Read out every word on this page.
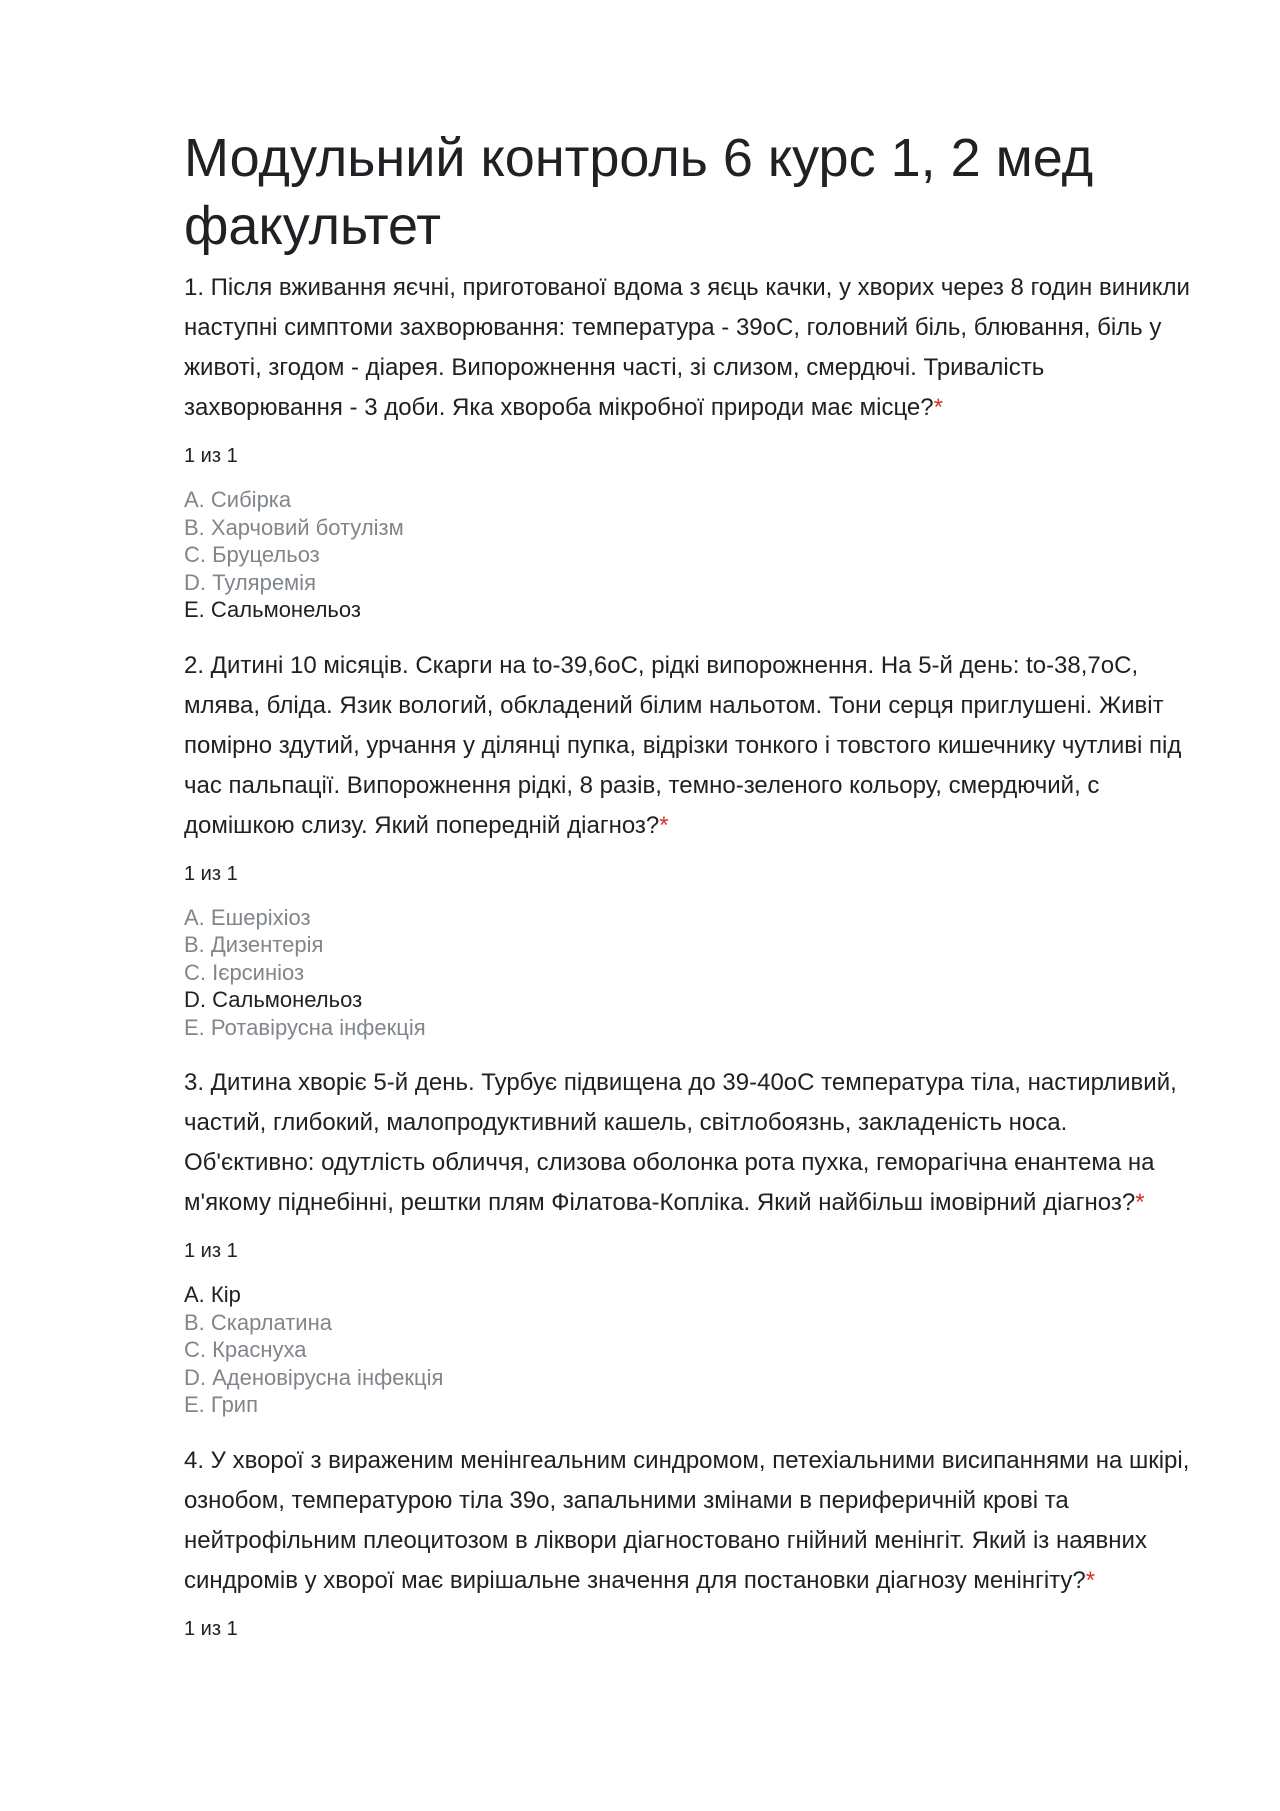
Модульний контроль 6 курс 1, 2 мед факультет

1. Після вживання яєчні, приготованої вдома з яєць качки, у хворих через 8 годин виникли наступні симптоми захворювання: температура - 39оС, головний біль, блювання, біль у животі, згодом - діарея. Випорожнення часті, зі слизом, смердючі. Тривалість захворювання - 3 доби. Яка хвороба мікробної природи має місце?*

1 из 1
A. Сибірка
B. Харчовий ботулізм
C. Бруцельоз
D. Туляремія
E. Сальмонельоз

2. Дитині 10 місяців. Скарги на to-39,6оС, рідкі випорожнення. На 5-й день: to-38,7оС, млява, бліда. Язик вологий, обкладений білим нальотом. Тони серця приглушені. Живіт помірно здутий, урчання у ділянці пупка, відрізки тонкого і товстого кишечнику чутливі під час пальпації. Випорожнення рідкі, 8 разів, темно-зеленого кольору, смердючий, с домішкою слизу. Який попередній діагноз?*

1 из 1
A. Ешеріхіоз
B. Дизентерія
C. Ієрсиніоз
D. Сальмонельоз
E. Ротавірусна інфекція

3. Дитина хворіє 5-й день. Турбує підвищена до 39-40оС температура тіла, настирливий, частий, глибокий, малопродуктивний кашель, світлобоязнь, закладеність носа. Об'єктивно: одутлість обличчя, слизова оболонка рота пухка, геморагічна енантема на м'якому піднебінні, рештки плям Філатова-Копліка. Який найбільш імовірний діагноз?*

1 из 1
A. Кір
B. Скарлатина
C. Краснуха
D. Аденовірусна інфекція
E. Грип

4. У хворої з вираженим менінгеальним синдромом, петехіальними висипаннями на шкірі, ознобом, температурою тіла 39о, запальними змінами в периферичній крові та нейтрофільним плеоцитозом в ліквори діагностовано гнійний менінгіт. Який із наявних синдромів у хворої має вирішальне значення для постановки діагнозу менінгіту?*

1 из 1
